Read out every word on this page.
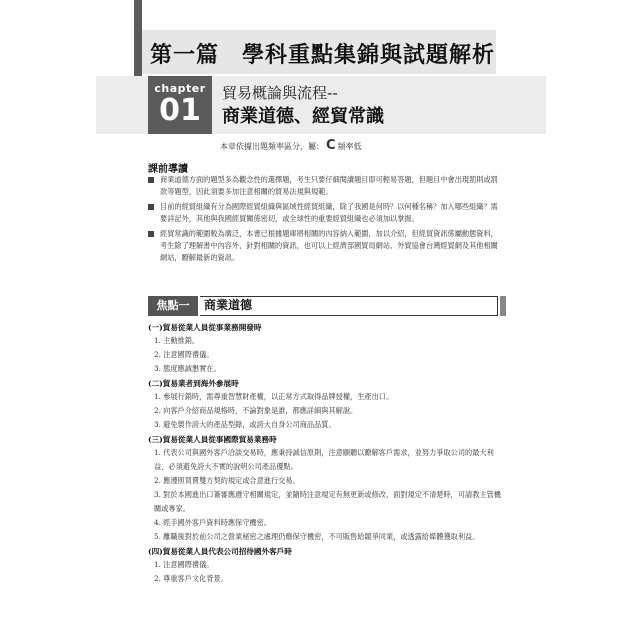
第一篇　學科重點集錦與試題解析
chapter
01	貿易概論與流程--
商業道德、經貿常識
本章依據出題頻率區分，屬： C 頻率低
課前導讀
商業道德方面的題型多為觀念性的選擇題，考生只要仔細閱讀題目即可輕易答題，但題目中會出現罰則或罰款等題型，因此須要多加注意相關的貿易法規與規範。
目前的經貿組織有分為國際經貿組織與區域性經貿組織，除了我國是何時？以何種名稱？加入哪些組織？需要詳記外，其他與我國經貿關係密切，或全球性的重要經貿組織也必須加以掌握。
經貿常識的範圍較為廣泛，本書已根據題庫將相關的內容納入範圍，加以介紹，但經貿資訊係屬動態資料，考生除了理解書中內容外，針對相關的資訊，也可以上經濟部國貿局網站、外貿協會台灣經貿網及其他相關網站，瞭解最新的資訊。
焦點一	商業道德
(一)貿易從業人員從事業務開發時
1. 主動推銷。
2. 注意國際禮儀。
3. 態度應誠懇實在。
(二)貿易業者到海外參展時
1. 參展行銷時，需尊重智慧財產權，以正常方式取得品牌授權，生產出口。
2. 向客戶介紹商品規格時，不論對象是誰，都應詳細與其解說。
3. 避免製作誇大的產品型錄，或誇大自身公司商品品質。
(三)貿易從業人員從事國際貿易業務時
1. 代表公司與國外客戶洽談交易時，應秉持誠信原則，注意願聽以瞭解客戶需求，並努力爭取公司的最大利益，必須避免誇大不實的說明公司產品優點。
2. 應遵照買賣雙方契約規定或合意進行交易。
3. 對於本國進出口簽審應遵守相關規定，並隨時注意規定有無更新或修改，面對規定不清楚時，可請教主管機關或專家。
4. 經手國外客戶資料時應保守機密。
5. 離職後對於前公司之營業秘密之處理仍應保守機密，不可販售給競爭同業，或透露給媒體獲取利益。
(四)貿易從業人員代表公司招待國外客戶時
1. 注意國際禮儀。
2. 尊重客戶文化背景。
